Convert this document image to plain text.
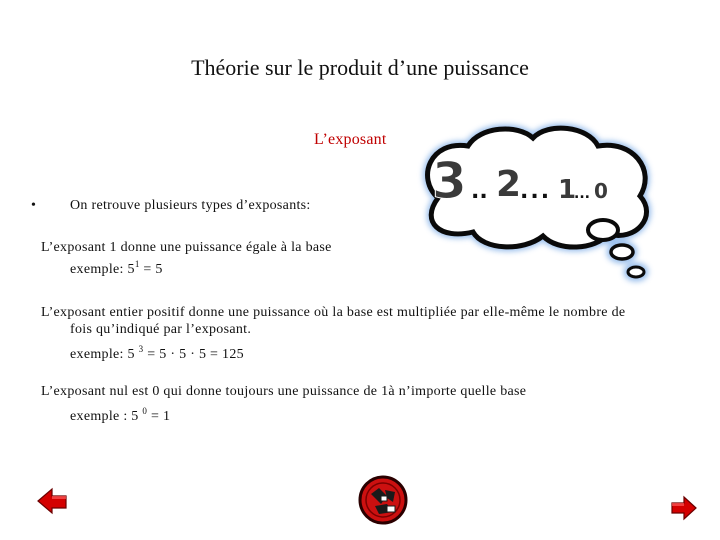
Théorie sur le produit d’une puissance
L’exposant
3 .. 2
... 1
... 0
• On retrouve plusieurs types d’exposants:
L’exposant 1 donne une puissance égale à la base
exemple: $5^1 = 5$
L’exposant entier positif donne une puissance où la base est multipliée par elle-même le nombre de
fois qu’indiqué par l’exposant.
exemple: 5 $^3$ = 5 · 5 · 5 = 125
L’exposant nul est 0 qui donne toujours une puissance de 1à n’importe quelle base
exemple : 5 $^0$ = 1
